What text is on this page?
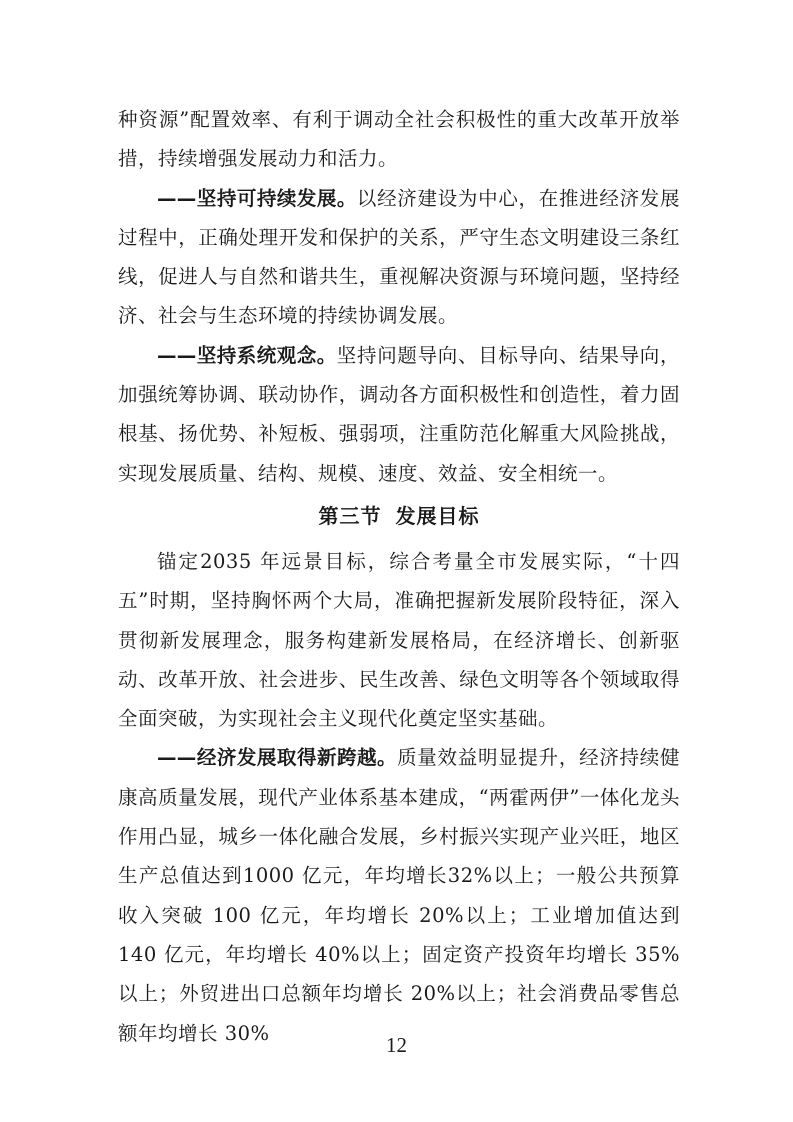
种资源”配置效率、有利于调动全社会积极性的重大改革开放举措，持续增强发展动力和活力。

——坚持可持续发展。以经济建设为中心，在推进经济发展过程中，正确处理开发和保护的关系，严守生态文明建设三条红线，促进人与自然和谐共生，重视解决资源与环境问题，坚持经济、社会与生态环境的持续协调发展。

——坚持系统观念。坚持问题导向、目标导向、结果导向，加强统筹协调、联动协作，调动各方面积极性和创造性，着力固根基、扬优势、补短板、强弱项，注重防范化解重大风险挑战，实现发展质量、结构、规模、速度、效益、安全相统一。

第三节 发展目标

锚定2035 年远景目标，综合考量全市发展实际，“十四五”时期，坚持胸怀两个大局，准确把握新发展阶段特征，深入贯彻新发展理念，服务构建新发展格局，在经济增长、创新驱动、改革开放、社会进步、民生改善、绿色文明等各个领域取得全面突破，为实现社会主义现代化奠定坚实基础。

——经济发展取得新跨越。质量效益明显提升，经济持续健康高质量发展，现代产业体系基本建成，“两霍两伊”一体化龙头作用凸显，城乡一体化融合发展，乡村振兴实现产业兴旺，地区生产总值达到1000 亿元，年均增长32%以上；一般公共预算收入突破 100 亿元，年均增长 20%以上；工业增加值达到 140 亿元，年均增长 40%以上；固定资产投资年均增长 35%以上；外贸进出口总额年均增长 20%以上；社会消费品零售总额年均增长 30%	12
